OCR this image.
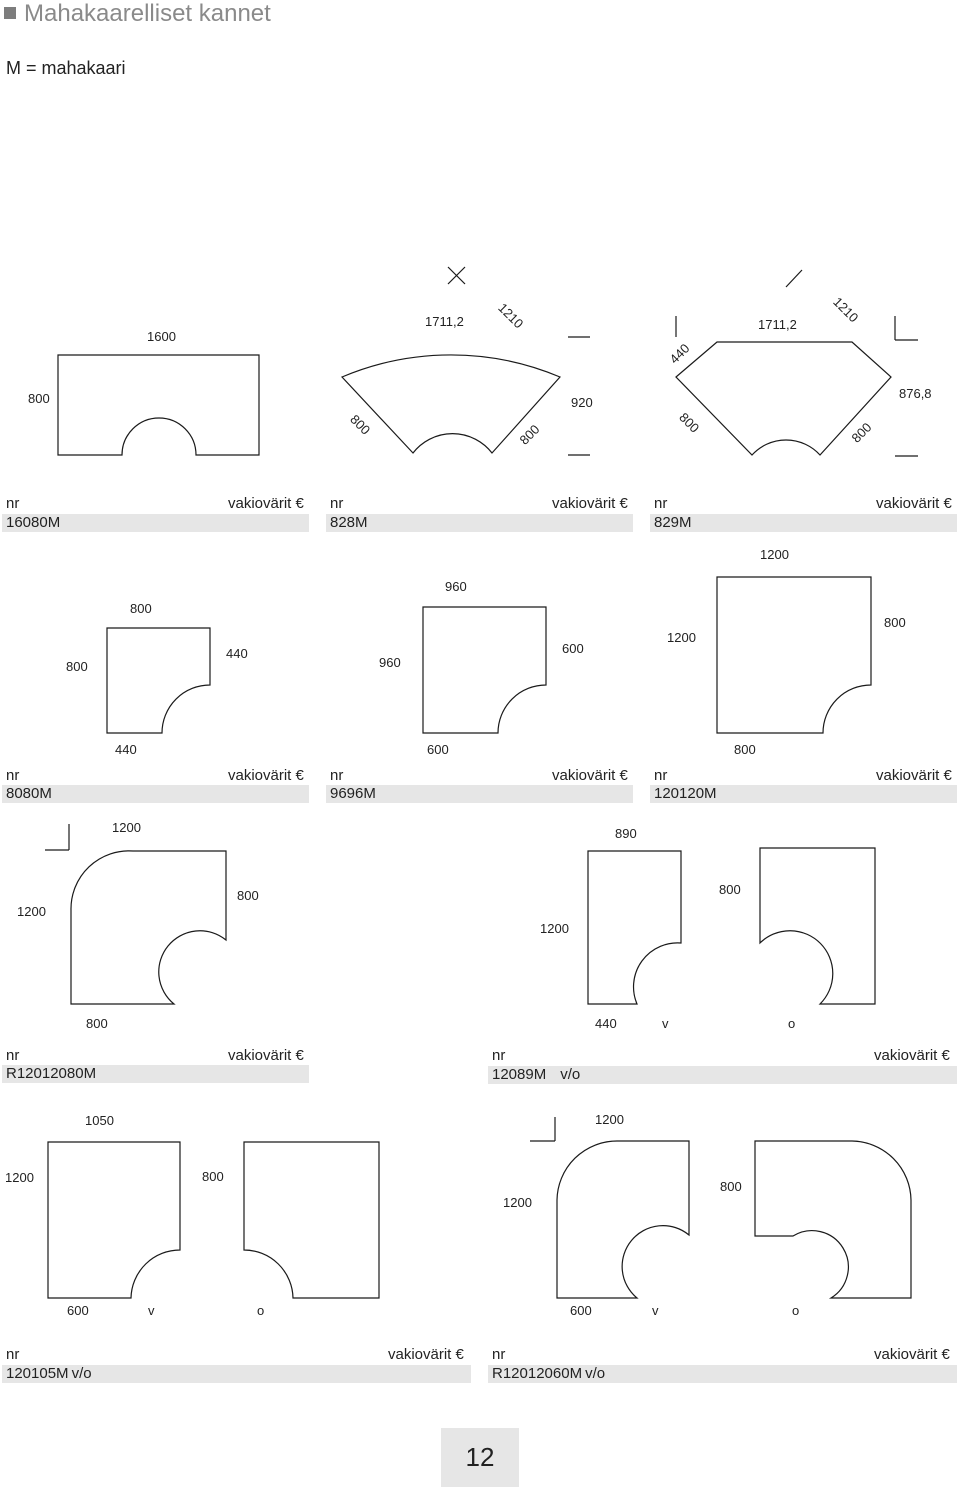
Mahakaarelliset kannet
M = mahakaari
1600
800
1711,2 1210
800	800
920
1711,2	1210
440
800	800
876,8
800
800
440
440
960
960
600
600
1200
1200
800
800
1200
1200
800
800
890
1200
800
440	v	o
1050
1200	800
600	v	o
1200
1200
800
600	v	o
nr	vakiovärit €
16080M
nr	vakiovärit €
828M
nr	vakiovärit €
829M
nr	vakiovärit €
8080M
nr	vakiovärit €
9696M
nr	vakiovärit €
120120M
nr	vakiovärit €
R12012080M
nr	vakiovärit €
12089M v/o
nr	vakiovärit €
120105M v/o
nr	vakiovärit €
R12012060M v/o
12
